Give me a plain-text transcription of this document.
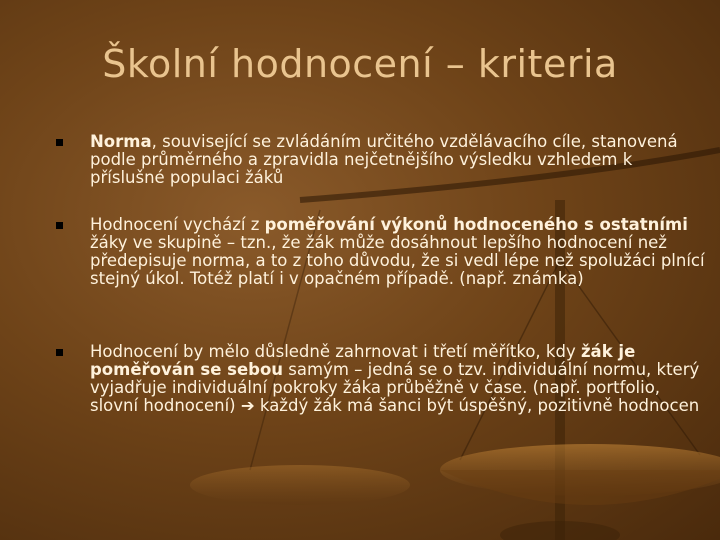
Školní hodnocení – kriteria
Norma, související se zvládáním určitého vzdělávacího cíle, stanovená podle průměrného a zpravidla nejčetnějšího výsledku vzhledem k příslušné populaci žáků
Hodnocení vychází z poměřování výkonů hodnoceného s ostatními žáky ve skupině – tzn., že žák může dosáhnout lepšího hodnocení než předepisuje norma, a to z toho důvodu, že si vedl lépe než spolužáci plnící stejný úkol. Totéž platí i v opačném případě. (např. známka)
Hodnocení by mělo důsledně zahrnovat i třetí měřítko, kdy žák je poměřován se sebou samým – jedná se o tzv. individuální normu, který vyjadřuje individuální pokroky žáka průběžně v čase. (např. portfolio, slovní hodnocení) ➔ každý žák má šanci být úspěšný, pozitivně hodnocen
